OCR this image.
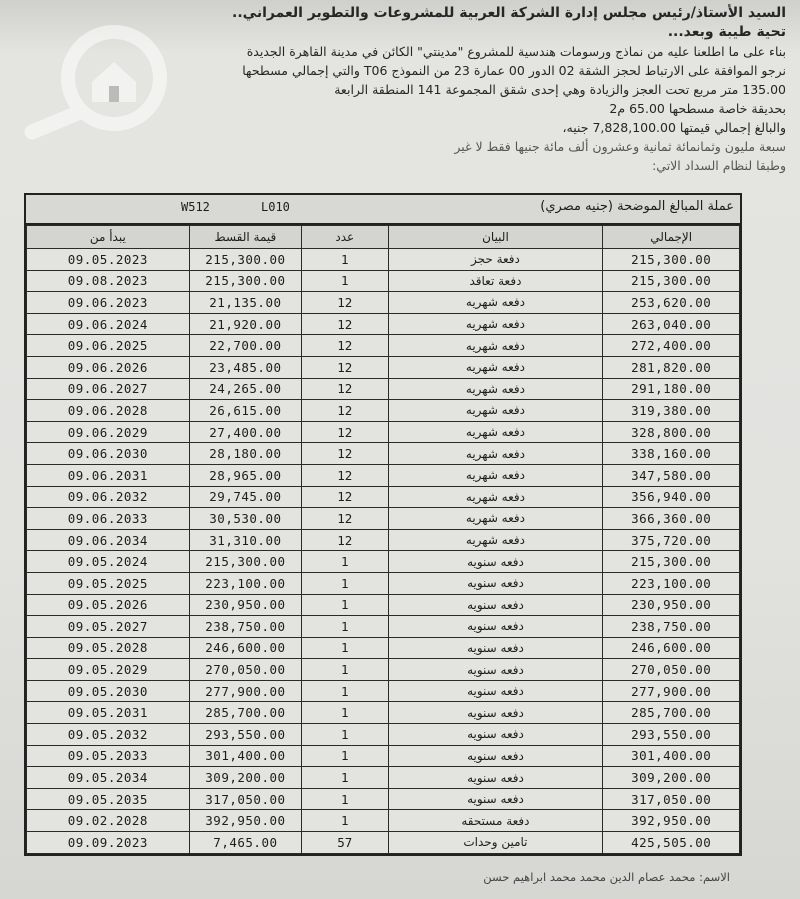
السيد الأستاذ/رئيس مجلس إدارة الشركة العربية للمشروعات والتطوير العمراني..
تحية طيبة وبعد...
بناء على ما اطلعنا عليه من نماذج ورسومات هندسية للمشروع "مدينتي" الكائن في مدينة القاهرة الجديدة
نرجو الموافقة على الارتباط لحجز الشقة 02 الدور 00 عمارة 23 من النموذج T06 والتي إجمالي مسطحها
135.00 متر مربع تحت العجز والزيادة وهي إحدى شقق المجموعة 141 المنطقة الرابعة
بحديقة خاصة مسطحها 65.00 م2
والبالغ إجمالي قيمتها 7,828,100.00 جنيه،
سبعة مليون وثمانمائة ثمانية وعشرون ألف مائة جنيها فقط لا غير
وطبقا لنظام السداد الاتي:
W512	L010	عملة المبالغ الموضحة (جنيه مصري)
يبدأ من	قيمة القسط	عدد	البيان	الإجمالي
09.05.2023	215,300.00	1	دفعة حجز	215,300.00
09.08.2023	215,300.00	1	دفعة تعاقد	215,300.00
09.06.2023	21,135.00	12	دفعه شهريه	253,620.00
09.06.2024	21,920.00	12	دفعه شهريه	263,040.00
09.06.2025	22,700.00	12	دفعه شهريه	272,400.00
09.06.2026	23,485.00	12	دفعه شهريه	281,820.00
09.06.2027	24,265.00	12	دفعه شهريه	291,180.00
09.06.2028	26,615.00	12	دفعه شهريه	319,380.00
09.06.2029	27,400.00	12	دفعه شهريه	328,800.00
09.06.2030	28,180.00	12	دفعه شهريه	338,160.00
09.06.2031	28,965.00	12	دفعه شهريه	347,580.00
09.06.2032	29,745.00	12	دفعه شهريه	356,940.00
09.06.2033	30,530.00	12	دفعه شهريه	366,360.00
09.06.2034	31,310.00	12	دفعه شهريه	375,720.00
09.05.2024	215,300.00	1	دفعه سنويه	215,300.00
09.05.2025	223,100.00	1	دفعه سنويه	223,100.00
09.05.2026	230,950.00	1	دفعه سنويه	230,950.00
09.05.2027	238,750.00	1	دفعه سنويه	238,750.00
09.05.2028	246,600.00	1	دفعه سنويه	246,600.00
09.05.2029	270,050.00	1	دفعه سنويه	270,050.00
09.05.2030	277,900.00	1	دفعه سنويه	277,900.00
09.05.2031	285,700.00	1	دفعه سنويه	285,700.00
09.05.2032	293,550.00	1	دفعه سنويه	293,550.00
09.05.2033	301,400.00	1	دفعه سنويه	301,400.00
09.05.2034	309,200.00	1	دفعه سنويه	309,200.00
09.05.2035	317,050.00	1	دفعه سنويه	317,050.00
09.02.2028	392,950.00	1	دفعة مستحقه	392,950.00
09.09.2023	7,465.00	57	تامين وحدات	425,505.00
الاسم: محمد عصام الدين محمد محمد ابراهيم حسن
